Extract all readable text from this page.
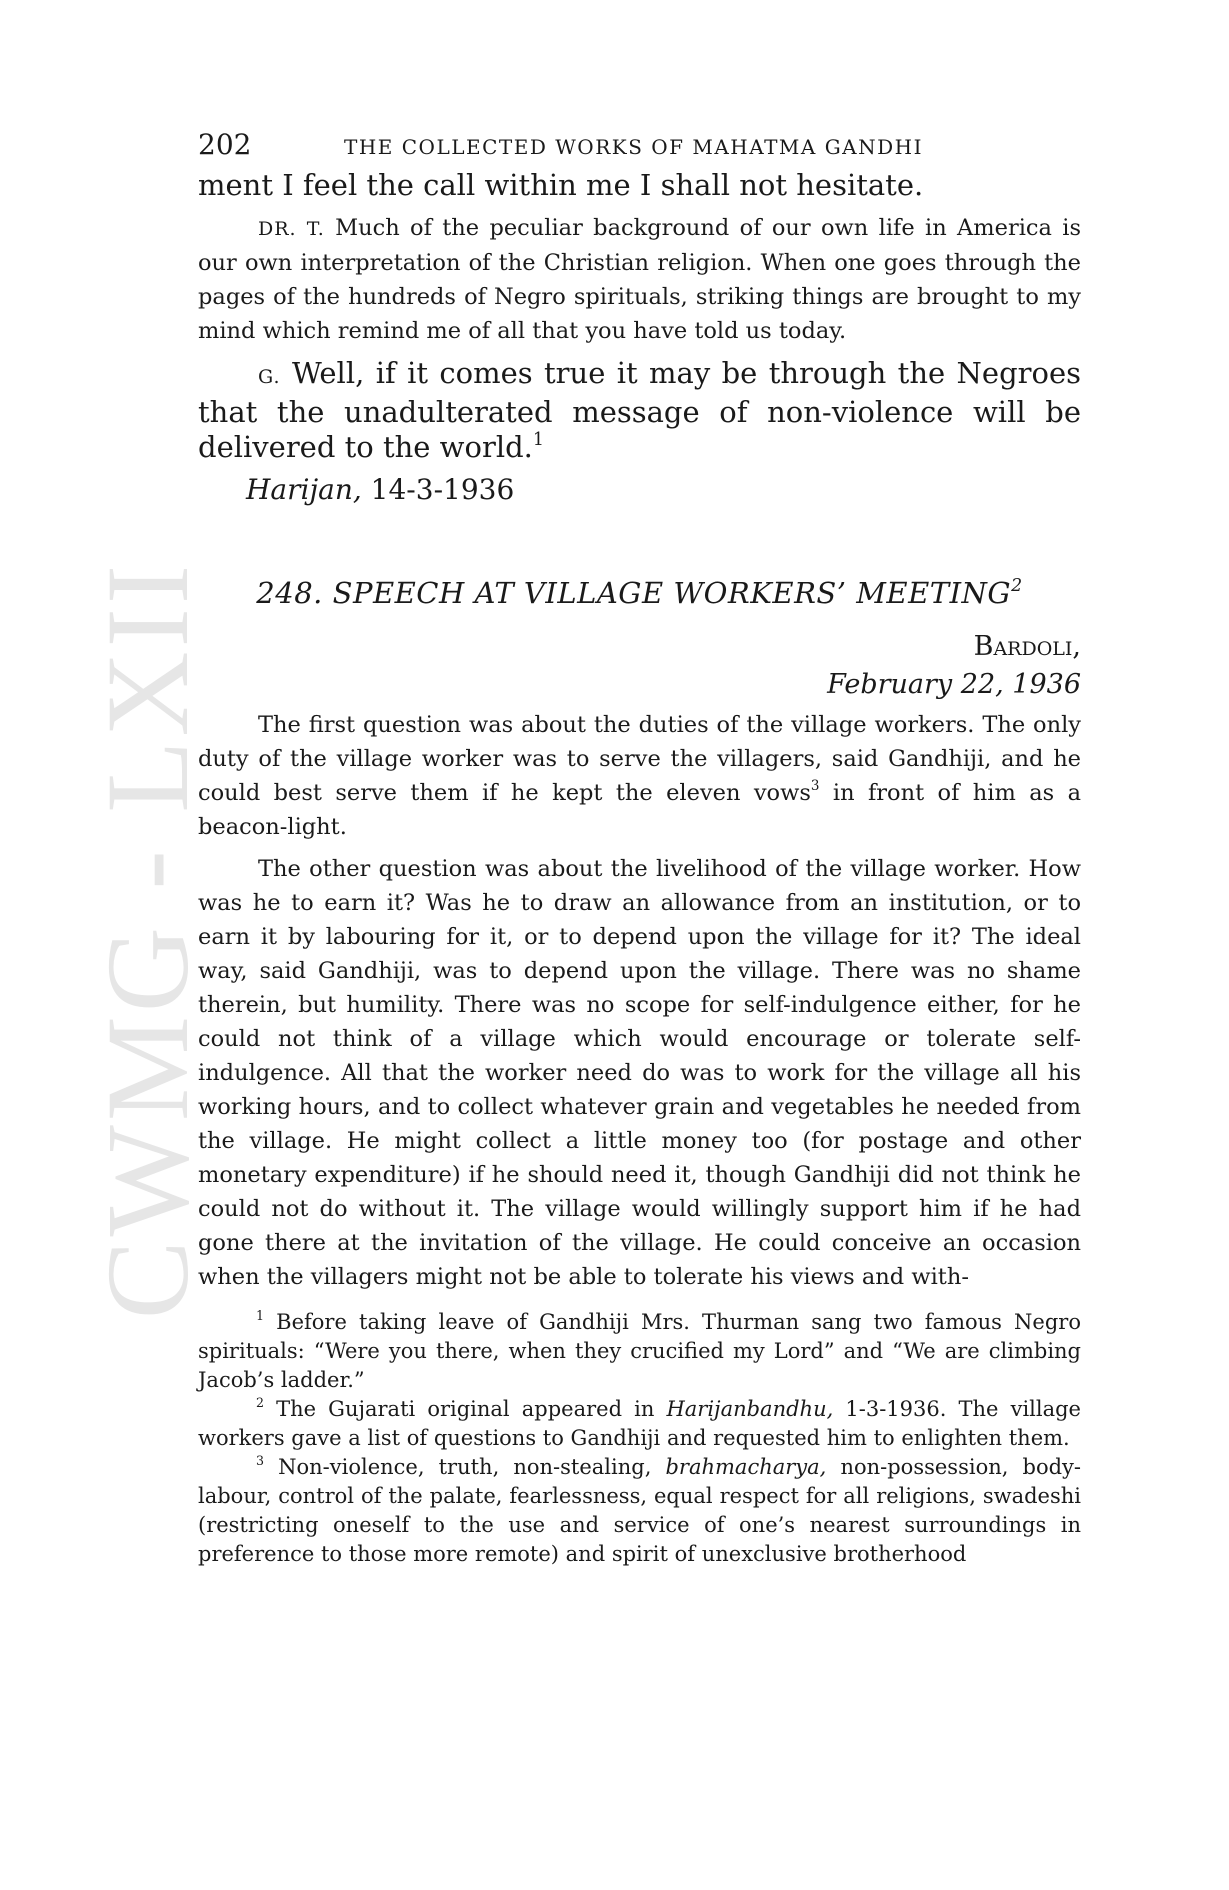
CWMG - LXII
202	THE COLLECTED WORKS OF MAHATMA GANDHI

ment I feel the call within me I shall not hesitate.

DR. T. Much of the peculiar background of our own life in America is our own interpretation of the Christian religion. When one goes through the pages of the hundreds of Negro spirituals, striking things are brought to my mind which remind me of all that you have told us today.

G. Well, if it comes true it may be through the Negroes that the unadulterated message of non-violence will be delivered to the world.$^1$

Harijan, 14-3-1936
248. SPEECH AT VILLAGE WORKERS’ MEETING$^2$
Bardoli,
February 22, 1936

The first question was about the duties of the village workers. The only duty of the village worker was to serve the villagers, said Gandhiji, and he could best serve them if he kept the eleven vows$^3$ in front of him as a beacon-light.

The other question was about the livelihood of the village worker. How was he to earn it? Was he to draw an allowance from an institution, or to earn it by labouring for it, or to depend upon the village for it? The ideal way, said Gandhiji, was to depend upon the village. There was no shame therein, but humility. There was no scope for self-indulgence either, for he could not think of a village which would encourage or tolerate self-indulgence. All that the worker need do was to work for the village all his working hours, and to collect whatever grain and vegetables he needed from the village. He might collect a little money too (for postage and other monetary expenditure) if he should need it, though Gandhiji did not think he could not do without it. The village would willingly support him if he had gone there at the invitation of the village. He could conceive an occasion when the villagers might not be able to tolerate his views and with-

$^1$ Before taking leave of Gandhiji Mrs. Thurman sang two famous Negro spirituals: “Were you there, when they crucified my Lord” and “We are climbing Jacob’s ladder.”

$^2$ The Gujarati original appeared in Harijanbandhu, 1-3-1936. The village workers gave a list of questions to Gandhiji and requested him to enlighten them.

$^3$ Non-violence, truth, non-stealing, brahmacharya, non-possession, body-labour, control of the palate, fearlessness, equal respect for all religions, swadeshi (restricting oneself to the use and service of one’s nearest surroundings in preference to those more remote) and spirit of unexclusive brotherhood
